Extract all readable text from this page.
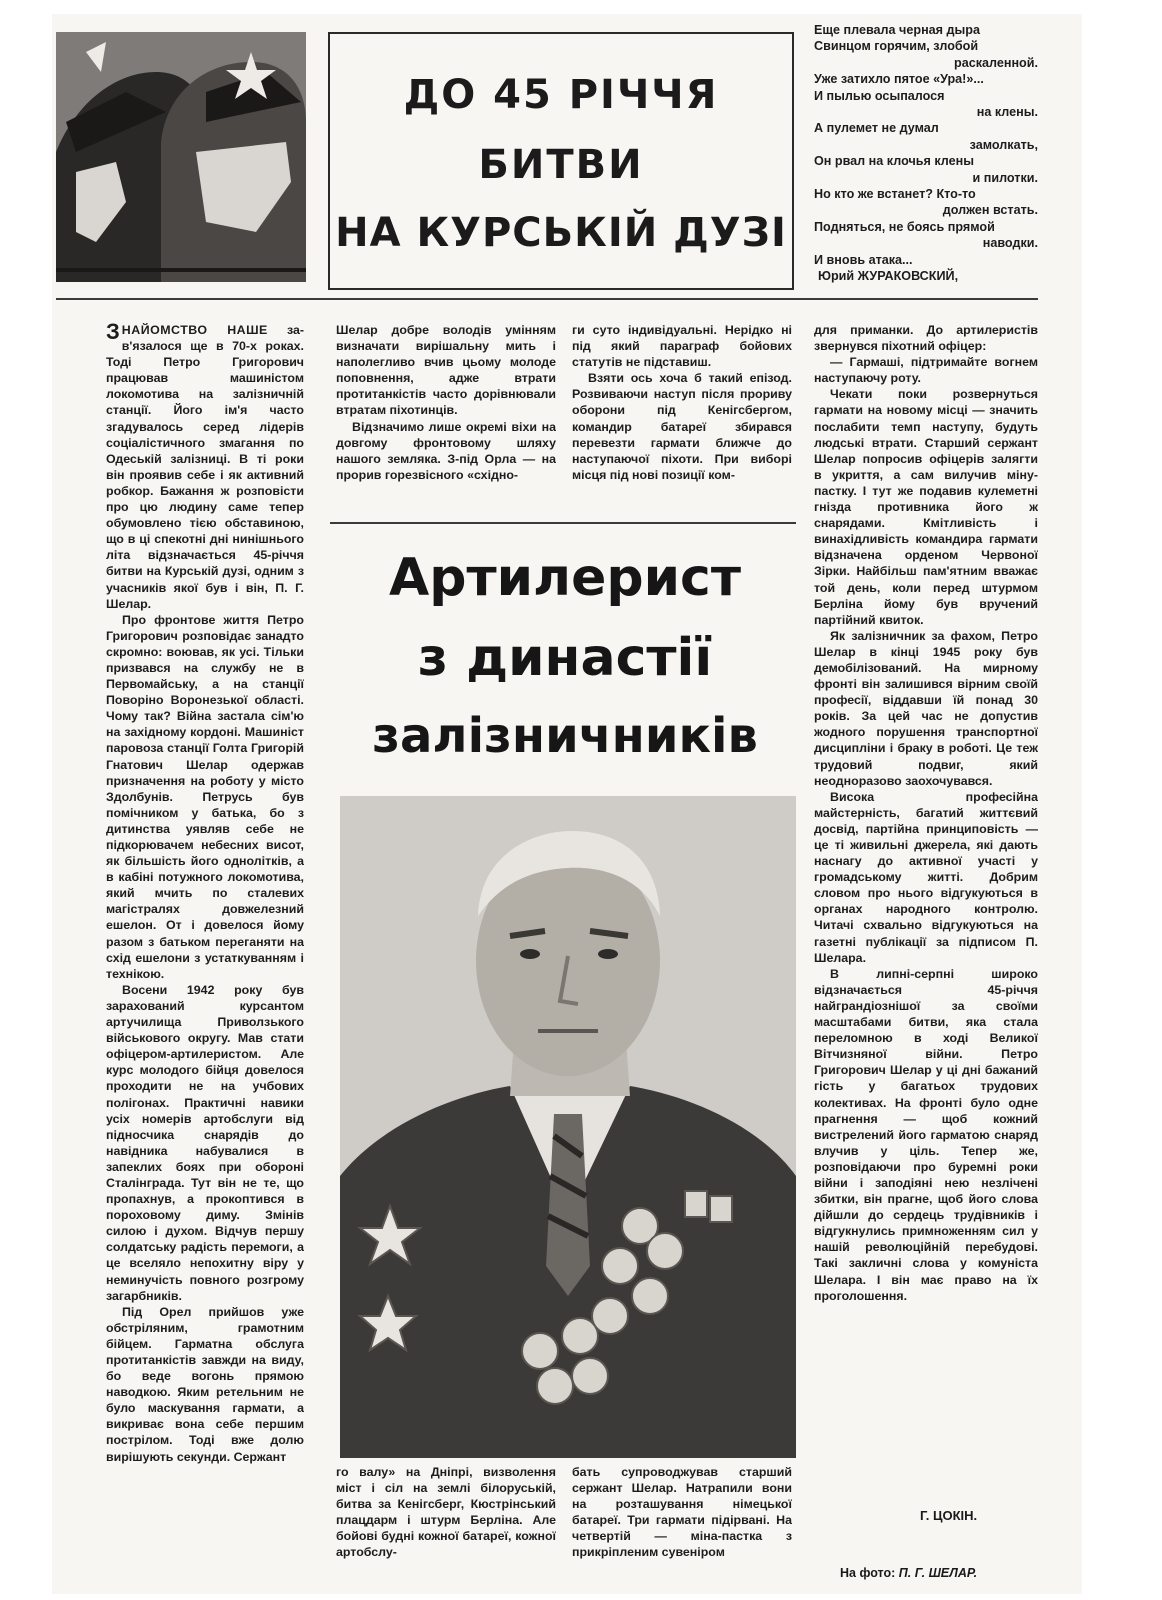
ДО 45 РІЧЧЯ
БИТВИ
НА КУРСЬКІЙ ДУЗІ
Еще плевала черная дыра
Свинцом горячим, злобой
раскаленной.
Уже затихло пятое «Ура!»...
И пылью осыпалося
на клены.
А пулемет не думал
замолкать,
Он рвал на клочья клены
и пилотки.
Но кто же встанет? Кто-то
должен встать.
Подняться, не боясь прямой
наводки.
И вновь атака...
Юрий ЖУРАКОВСКИЙ,

ЗНАЙОМСТВО НАШЕ за-в'язалося ще в 70-х роках. Тоді Петро Григорович працював машиністом локомотива на залізничній станції. Його ім'я часто згадувалось серед лідерів соціалістичного змагання по Одеській залізниці. В ті роки він проявив себе і як активний робкор. Бажання ж розповісти про цю людину саме тепер обумовлено тією обставиною, що в ці спекотні дні нинішнього літа відзначається 45-річчя битви на Курській дузі, одним з учасників якої був і він, П. Г. Шелар.

Про фронтове життя Петро Григорович розповідає занадто скромно: воював, як усі. Тільки призвався на службу не в Первомайську, а на станції Поворіно Воронезької області. Чому так? Війна застала сім'ю на західному кордоні. Машиніст паровоза станції Голта Григорій Гнатович Шелар одержав призначення на роботу у місто Здолбунів. Петрусь був помічником у батька, бо з дитинства уявляв себе не підкорювачем небесних висот, як більшість його однолітків, а в кабіні потужного локомотива, який мчить по сталевих магістралях довжелезний ешелон. От і довелося йому разом з батьком переганяти на схід ешелони з устаткуванням і технікою.

Восени 1942 року був зарахований курсантом артучилища Приволзького військового округу. Мав стати офіцером-артилеристом. Але курс молодого бійця довелося проходити не на учбових полігонах. Практичні навики усіх номерів артобслуги від підносчика снарядів до навідника набувалися в запеклих боях при обороні Сталінграда. Тут він не те, що пропахнув, а прокоптився в пороховому диму. Змінів силою і духом. Відчув першу солдатську радість перемоги, а це вселяло непохитну віру у неминучість повного розгрому загарбників.

Під Орел прийшов уже обстріляним, грамотним бійцем. Гарматна обслуга протитанкістів завжди на виду, бо веде вогонь прямою наводкою. Яким ретельним не було маскування гармати, а викриває вона себе першим пострілом. Тоді вже долю вирішують секунди. Сержант

Шелар добре володів умінням визначати вирішальну мить і наполегливо вчив цьому молоде поповнення, адже втрати протитанкістів часто дорівнювали втратам піхотинців.

Відзначимо лише окремі віхи на довгому фронтовому шляху нашого земляка. З-під Орла — на прорив горезвісного «східно-

ги суто індивідуальні. Нерідко ні під який параграф бойових статутів не підставиш.

Взяти ось хоча б такий епізод. Розвиваючи наступ після прориву оборони під Кенігсбергом, командир батареї збирався перевезти гармати ближче до наступаючої піхоти. При виборі місця під нові позиції ком-

Артилерист
з династії
залізничників

го валу» на Дніпрі, визволення міст і сіл на землі білоруській, битва за Кенігсберг, Кюстрінський плацдарм і штурм Берліна. Але бойові будні кожної батареї, кожної артобслу-

бать супроводжував старший сержант Шелар. Натрапили вони на розташування німецької батареї. Три гармати підірвані. На четвертій — міна-пастка з прикріпленим сувеніром

для приманки. До артилеристів звернувся піхотний офіцер:

— Гармаші, підтримайте вогнем наступаючу роту.

Чекати поки розвернуться гармати на новому місці — значить послабити темп наступу, будуть людські втрати. Старший сержант Шелар попросив офіцерів залягти в укриття, а сам вилучив міну-пастку. І тут же подавив кулеметні гнізда противника його ж снарядами. Кмітливість і винахідливість командира гармати відзначена орденом Червоної Зірки. Найбільш пам'ятним вважає той день, коли перед штурмом Берліна йому був вручений партійний квиток.

Як залізничник за фахом, Петро Шелар в кінці 1945 року був демобілізований. На мирному фронті він залишився вірним своїй професії, віддавши їй понад 30 років. За цей час не допустив жодного порушення транспортної дисципліни і браку в роботі. Це теж трудовий подвиг, який неодноразово заохочувався.

Висока професійна майстерність, багатий життєвий досвід, партійна принциповість — це ті живильні джерела, які дають наснагу до активної участі у громадському житті. Добрим словом про нього відгукуються в органах народного контролю. Читачі схвально відгукуються на газетні публікації за підписом П. Шелара.

В липні-серпні широко відзначається 45-річчя найграндіознішої за своїми масштабами битви, яка стала переломною в ході Великої Вітчизняної війни. Петро Григорович Шелар у ці дні бажаний гість у багатьох трудових колективах. На фронті було одне прагнення — щоб кожний вистрелений його гарматою снаряд влучив у ціль. Тепер же, розповідаючи про буремні роки війни і заподіяні нею незлічені збитки, він прагне, щоб його слова дійшли до сердець трудівників і відгукнулись примноженням сил у нашій революційній перебудові. Такі закличні слова у комуніста Шелара. І він має право на їх проголошення.

Г. ЦОКІН.
На фото: П. Г. ШЕЛАР.
